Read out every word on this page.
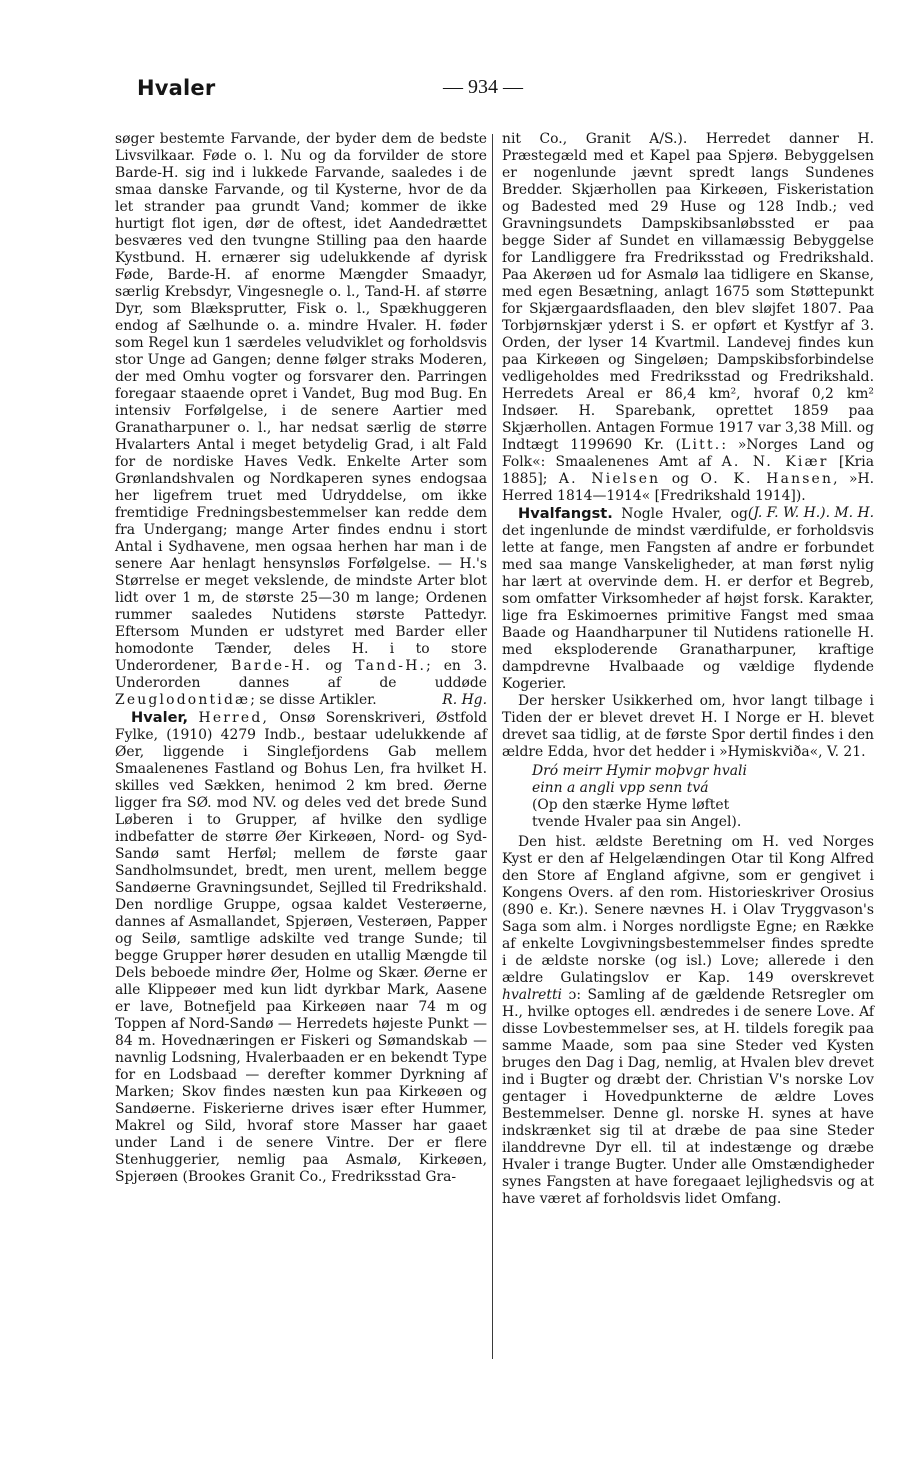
Hvaler	— 934 —

søger bestemte Farvande, der byder dem de bedste Livsvilkaar. Føde o. l. Nu og da forvilder de store Barde-H. sig ind i lukkede Farvande, saaledes i de smaa danske Farvande, og til Kysterne, hvor de da let strander paa grundt Vand; kommer de ikke hurtigt flot igen, dør de oftest, idet Aandedrættet besværes ved den tvungne Stilling paa den haarde Kystbund. H. ernærer sig udelukkende af dyrisk Føde, Barde-H. af enorme Mængder Smaadyr, særlig Krebsdyr, Vingesnegle o. l., Tand-H. af større Dyr, som Blæksprutter, Fisk o. l., Spækhuggeren endog af Sælhunde o. a. mindre Hvaler. H. føder som Regel kun 1 særdeles veludviklet og forholdsvis stor Unge ad Gangen; denne følger straks Moderen, der med Omhu vogter og forsvarer den. Parringen foregaar staaende opret i Vandet, Bug mod Bug. En intensiv Forfølgelse, i de senere Aartier med Granatharpuner o. l., har nedsat særlig de større Hvalarters Antal i meget betydelig Grad, i alt Fald for de nordiske Haves Vedk. Enkelte Arter som Grønlandshvalen og Nordkaperen synes endogsaa her ligefrem truet med Udryddelse, om ikke fremtidige Fredningsbestemmelser kan redde dem fra Undergang; mange Arter findes endnu i stort Antal i Sydhavene, men ogsaa herhen har man i de senere Aar henlagt hensynsløs Forfølgelse. — H.'s Størrelse er meget vekslende, de mindste Arter blot lidt over 1 m, de største 25—30 m lange; Ordenen rummer saaledes Nutidens største Pattedyr. Eftersom Munden er udstyret med Barder eller homodonte Tænder, deles H. i to store Underordener, Barde-H. og Tand-H.; en 3. Underorden dannes af de uddøde Zeuglodontidæ; se disse Artikler.	R. Hg.

Hvaler, Herred, Onsø Sorenskriveri, Østfold Fylke, (1910) 4279 Indb., bestaar udelukkende af Øer, liggende i Singlefjordens Gab mellem Smaalenenes Fastland og Bohus Len, fra hvilket H. skilles ved Sækken, henimod 2 km bred. Øerne ligger fra SØ. mod NV. og deles ved det brede Sund Løberen i to Grupper, af hvilke den sydlige indbefatter de større Øer Kirkeøen, Nord- og Syd-Sandø samt Herføl; mellem de første gaar Sandholmsundet, bredt, men urent, mellem begge Sandøerne Gravningsundet, Sejlled til Fredrikshald. Den nordlige Gruppe, ogsaa kaldet Vesterøerne, dannes af Asmallandet, Spjerøen, Vesterøen, Papper og Seilø, samtlige adskilte ved trange Sunde; til begge Grupper hører desuden en utallig Mængde til Dels beboede mindre Øer, Holme og Skær. Øerne er alle Klippeøer med kun lidt dyrkbar Mark, Aasene er lave, Botnefjeld paa Kirkeøen naar 74 m og Toppen af Nord-Sandø — Herredets højeste Punkt — 84 m. Hovednæringen er Fiskeri og Sømandskab — navnlig Lodsning, Hvalerbaaden er en bekendt Type for en Lodsbaad — derefter kommer Dyrkning af Marken; Skov findes næsten kun paa Kirkeøen og Sandøerne. Fiskerierne drives især efter Hummer, Makrel og Sild, hvoraf store Masser har gaaet under Land i de senere Vintre. Der er flere Stenhuggerier, nemlig paa Asmalø, Kirkeøen, Spjerøen (Brookes Granit Co., Fredriksstad Gra-

nit Co., Granit A/S.). Herredet danner H. Præstegæld med et Kapel paa Spjerø. Bebyggelsen er nogenlunde jævnt spredt langs Sundenes Bredder. Skjærhollen paa Kirkeøen, Fiskeristation og Badested med 29 Huse og 128 Indb.; ved Gravningsundets Dampskibsanløbssted er paa begge Sider af Sundet en villamæssig Bebyggelse for Landliggere fra Fredriksstad og Fredrikshald. Paa Akerøen ud for Asmalø laa tidligere en Skanse, med egen Besætning, anlagt 1675 som Støttepunkt for Skjærgaardsflaaden, den blev sløjfet 1807. Paa Torbjørnskjær yderst i S. er opført et Kystfyr af 3. Orden, der lyser 14 Kvartmil. Landevej findes kun paa Kirkeøen og Singeløen; Dampskibsforbindelse vedligeholdes med Fredriksstad og Fredrikshald. Herredets Areal er 86,4 km², hvoraf 0,2 km² Indsøer. H. Sparebank, oprettet 1859 paa Skjærhollen. Antagen Formue 1917 var 3,38 Mill. og Indtægt 1199690 Kr. (Litt.: »Norges Land og Folk«: Smaalenenes Amt af A. N. Kiær [Kria 1885]; A. Nielsen og O. K. Hansen, »H. Herred 1814—1914« [Fredrikshald 1914]).
(J. F. W. H.). M. H.

Hvalfangst. Nogle Hvaler, og det ingenlunde de mindst værdifulde, er forholdsvis lette at fange, men Fangsten af andre er forbundet med saa mange Vanskeligheder, at man først nylig har lært at overvinde dem. H. er derfor et Begreb, som omfatter Virksomheder af højst forsk. Karakter, lige fra Eskimoernes primitive Fangst med smaa Baade og Haandharpuner til Nutidens rationelle H. med eksploderende Granatharpuner, kraftige dampdrevne Hvalbaade og vældige flydende Kogerier.

Der hersker Usikkerhed om, hvor langt tilbage i Tiden der er blevet drevet H. I Norge er H. blevet drevet saa tidlig, at de første Spor dertil findes i den ældre Edda, hvor det hedder i »Hymiskviða«, V. 21.

Dró meirr Hymir moþvgr hvali
einn a angli vpp senn tvá
(Op den stærke Hyme løftet
tvende Hvaler paa sin Angel).

Den hist. ældste Beretning om H. ved Norges Kyst er den af Helgelændingen Otar til Kong Alfred den Store af England afgivne, som er gengivet i Kongens Overs. af den rom. Historieskriver Orosius (890 e. Kr.). Senere nævnes H. i Olav Tryggvason's Saga som alm. i Norges nordligste Egne; en Række af enkelte Lovgivningsbestemmelser findes spredte i de ældste norske (og isl.) Love; allerede i den ældre Gulatingslov er Kap. 149 overskrevet hvalretti ɔ: Samling af de gældende Retsregler om H., hvilke optoges ell. ændredes i de senere Love. Af disse Lovbestemmelser ses, at H. tildels foregik paa samme Maade, som paa sine Steder ved Kysten bruges den Dag i Dag, nemlig, at Hvalen blev drevet ind i Bugter og dræbt der. Christian V's norske Lov gentager i Hovedpunkterne de ældre Loves Bestemmelser. Denne gl. norske H. synes at have indskrænket sig til at dræbe de paa sine Steder ilanddrevne Dyr ell. til at indestænge og dræbe Hvaler i trange Bugter. Under alle Omstændigheder synes Fangsten at have foregaaet lejlighedsvis og at have været af forholdsvis lidet Omfang.
